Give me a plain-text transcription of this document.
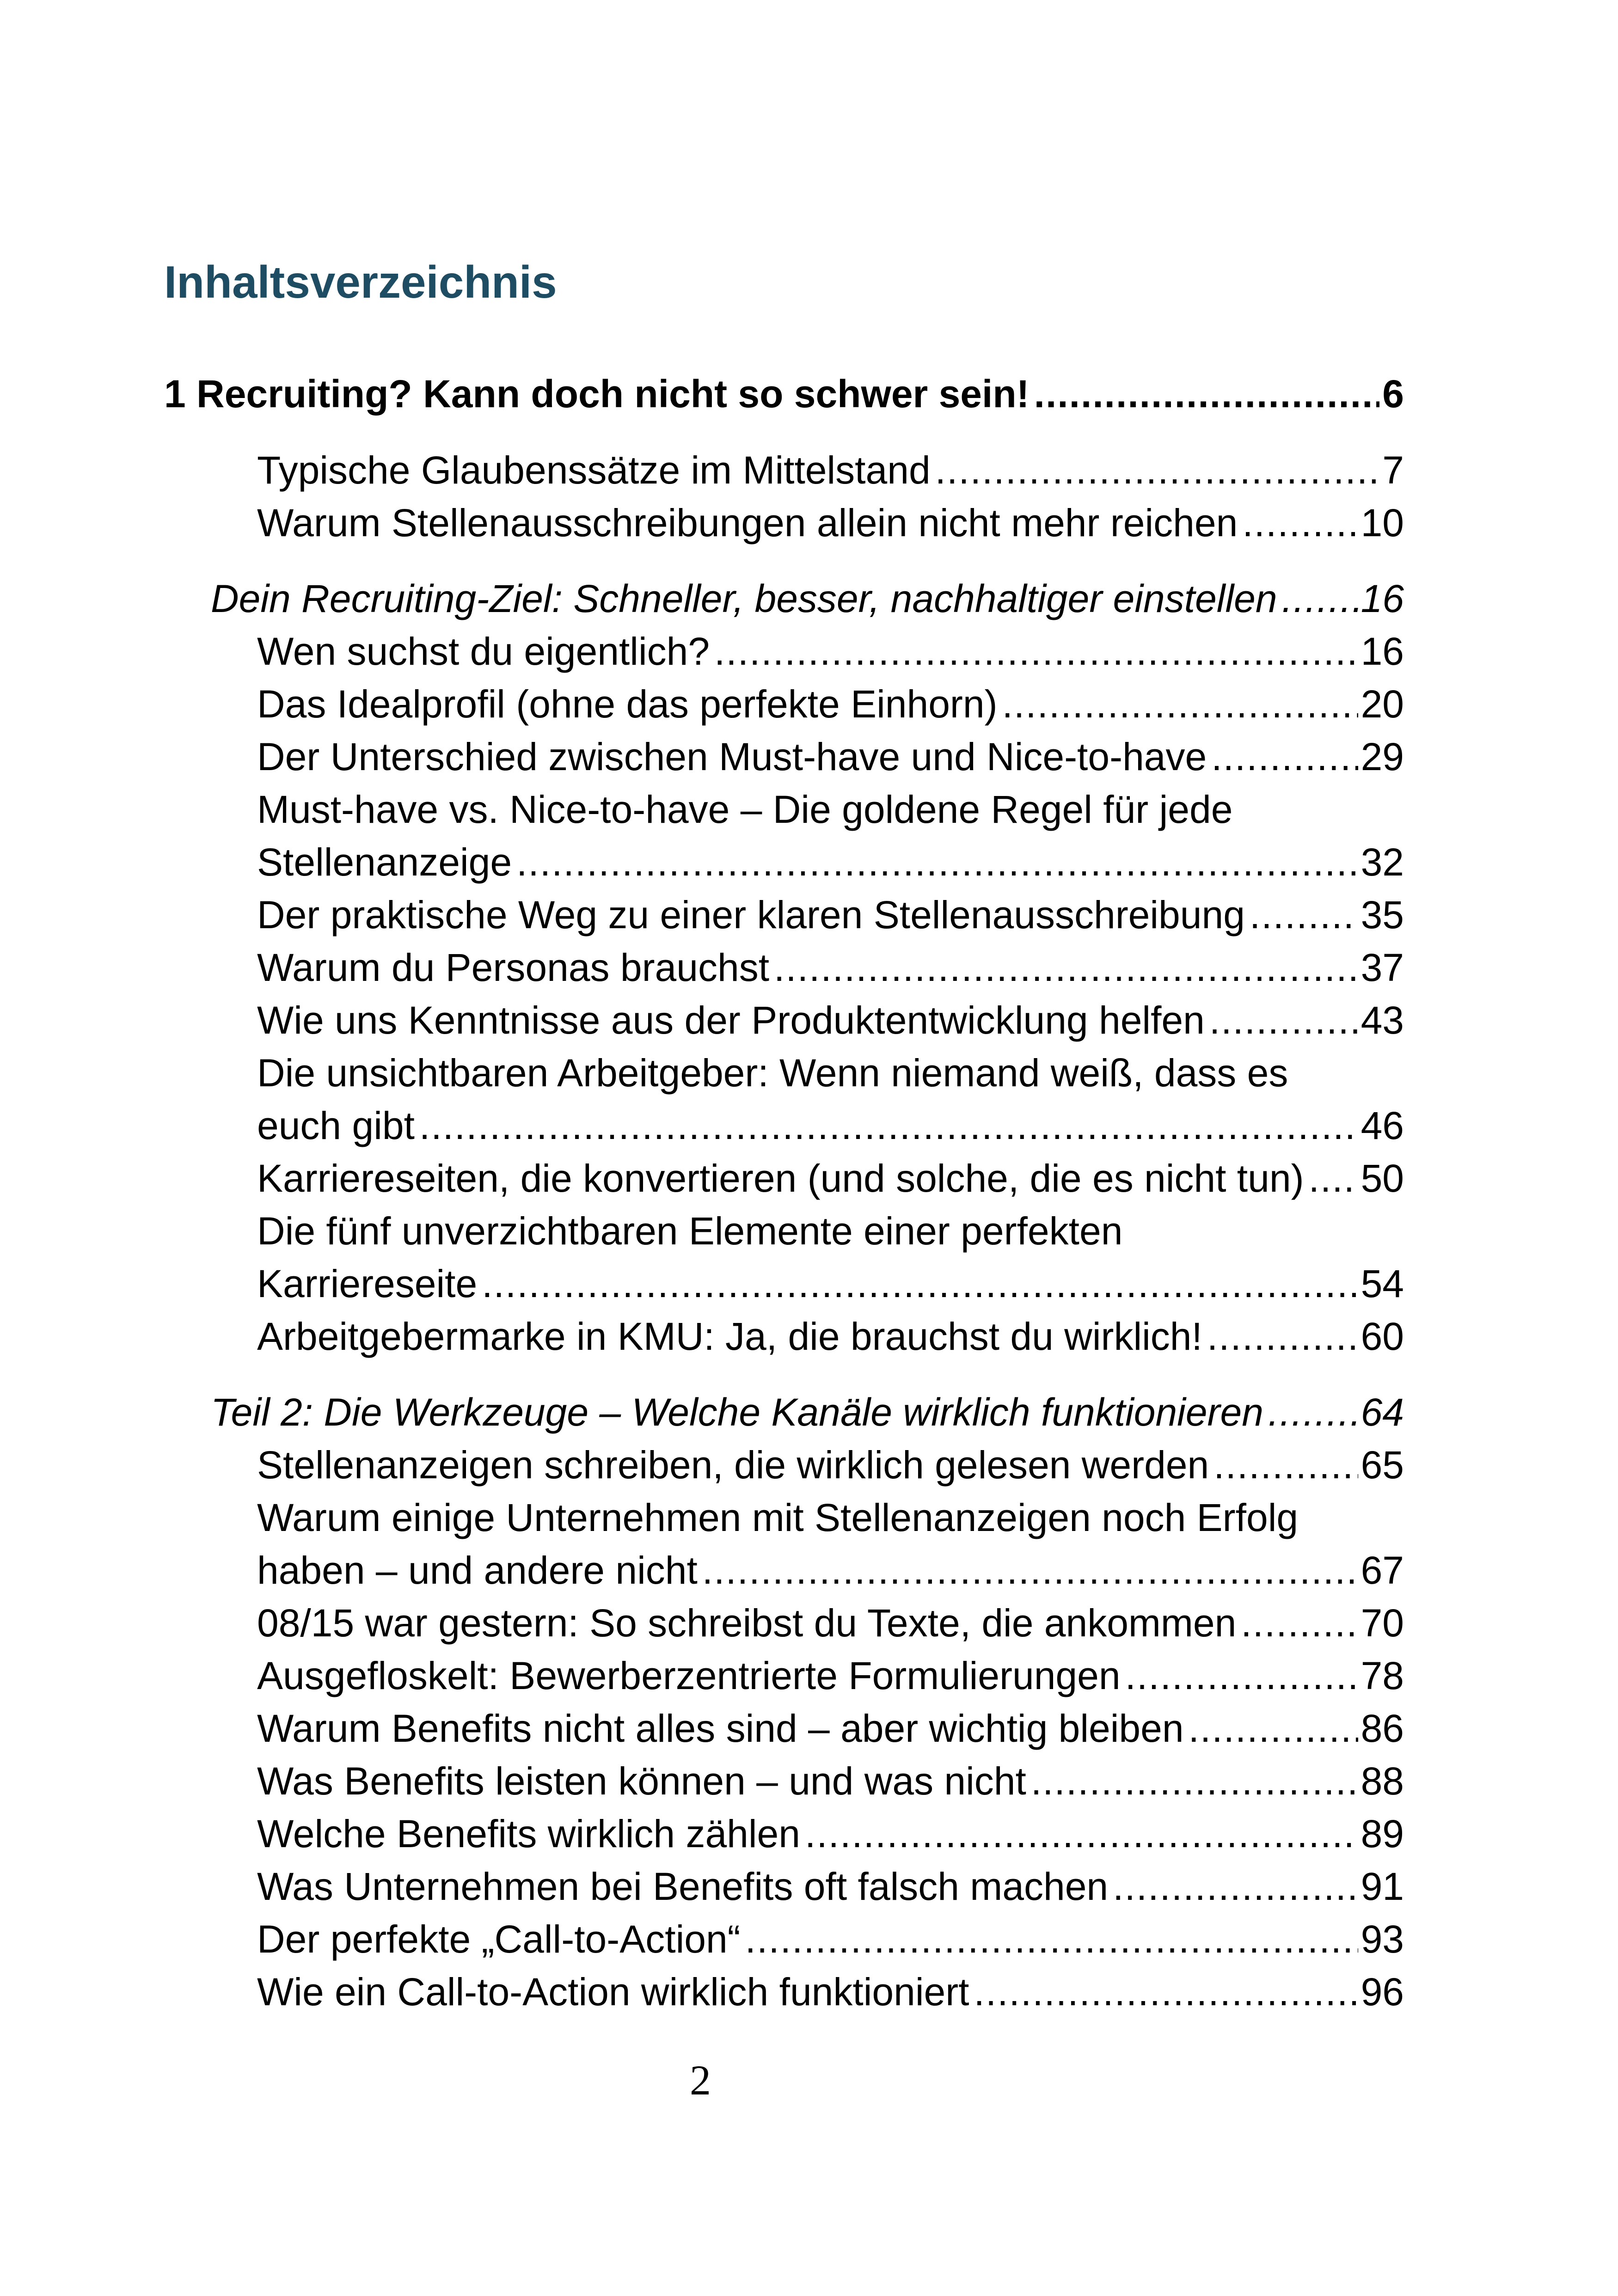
Inhaltsverzeichnis
1 Recruiting? Kann doch nicht so schwer sein! .....	6
Typische Glaubenssätze im Mittelstand .....	7
Warum Stellenausschreibungen allein nicht mehr reichen .....	10
Dein Recruiting-Ziel: Schneller, besser, nachhaltiger einstellen ..... 16
Wen suchst du eigentlich? .....	16
Das Idealprofil (ohne das perfekte Einhorn) .....	20
Der Unterschied zwischen Must-have und Nice-to-have .....	29
Must-have vs. Nice-to-have – Die goldene Regel für jede
Stellenanzeige .....	32
Der praktische Weg zu einer klaren Stellenausschreibung .....	35
Warum du Personas brauchst .....	37
Wie uns Kenntnisse aus der Produktentwicklung helfen .....	43
Die unsichtbaren Arbeitgeber: Wenn niemand weiß, dass es
euch gibt .....	46
Karriereseiten, die konvertieren (und solche, die es nicht tun) ..... 50
Die fünf unverzichtbaren Elemente einer perfekten
Karriereseite .....	54
Arbeitgebermarke in KMU: Ja, die brauchst du wirklich! .....	60
Teil 2: Die Werkzeuge – Welche Kanäle wirklich funktionieren .....	64
Stellenanzeigen schreiben, die wirklich gelesen werden .....	65
Warum einige Unternehmen mit Stellenanzeigen noch Erfolg
haben – und andere nicht .....	67
08/15 war gestern: So schreibst du Texte, die ankommen .....	70
Ausgefloskelt: Bewerberzentrierte Formulierungen .....	78
Warum Benefits nicht alles sind – aber wichtig bleiben .....	86
Was Benefits leisten können – und was nicht .....	88
Welche Benefits wirklich zählen .....	89
Was Unternehmen bei Benefits oft falsch machen .....	91
Der perfekte „Call-to-Action“ .....	93
Wie ein Call-to-Action wirklich funktioniert .....	96
2
